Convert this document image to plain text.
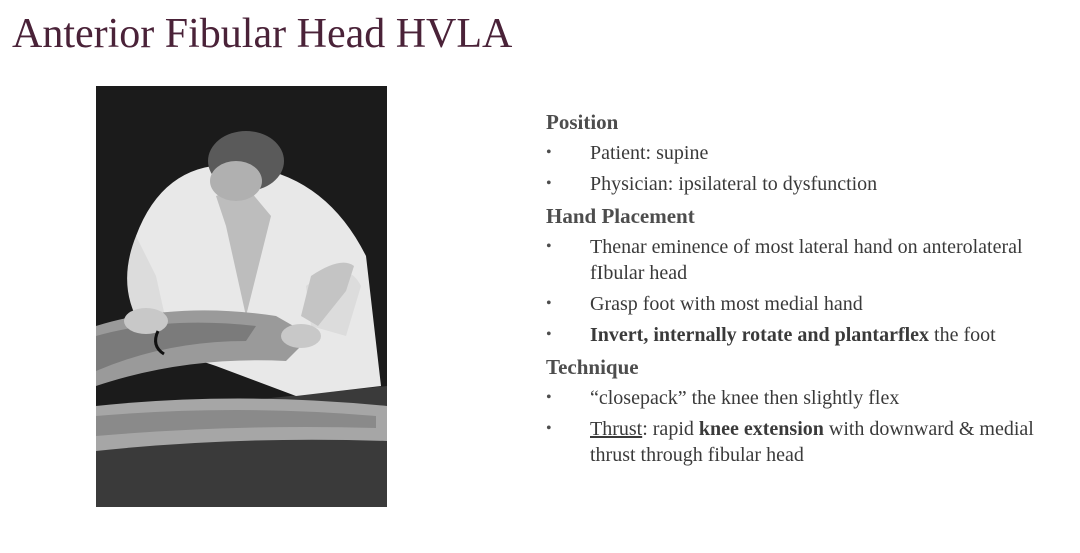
Anterior Fibular Head HVLA
Position
• Patient: supine
• Physician: ipsilateral to dysfunction
Hand Placement
• Thenar eminence of most lateral hand on anterolateral fIbular head
• Grasp foot with most medial hand
• Invert, internally rotate and plantarflex the foot
Technique
• “closepack” the knee then slightly flex
• Thrust: rapid knee extension with downward & medial thrust through fibular head
